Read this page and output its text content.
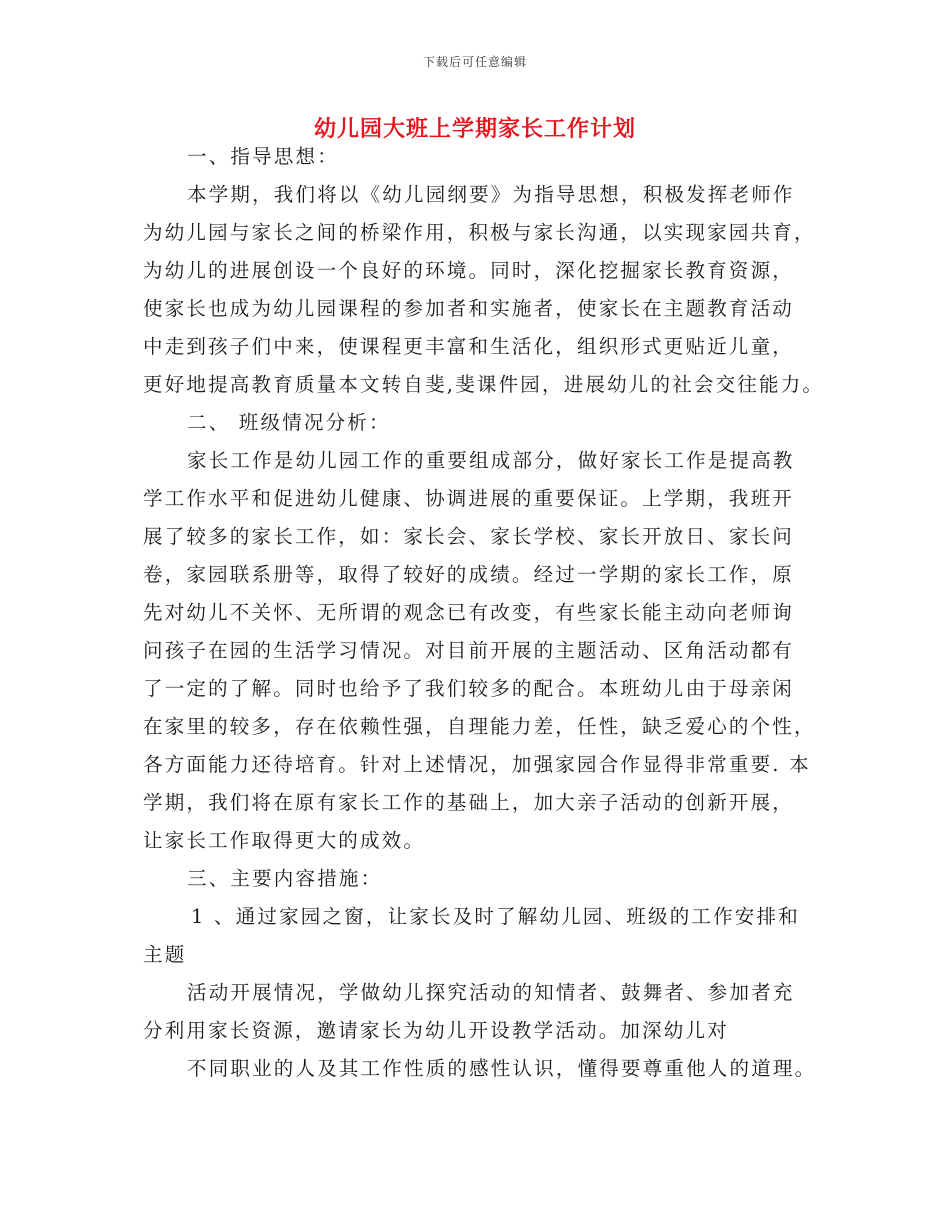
下载后可任意编辑
幼儿园大班上学期家长工作计划
一、指导思想：
本学期，我们将以《幼儿园纲要》为指导思想，积极发挥老师作
为幼儿园与家长之间的桥梁作用，积极与家长沟通，以实现家园共育，
为幼儿的进展创设一个良好的环境。同时，深化挖掘家长教育资源，
使家长也成为幼儿园课程的参加者和实施者，使家长在主题教育活动
中走到孩子们中来，使课程更丰富和生活化，组织形式更贴近儿童，
更好地提高教育质量本文转自斐,斐课件园，进展幼儿的社会交往能力。
二、 班级情况分析：
家长工作是幼儿园工作的重要组成部分，做好家长工作是提高教
学工作水平和促进幼儿健康、协调进展的重要保证。上学期，我班开
展了较多的家长工作，如：家长会、家长学校、家长开放日、家长问
卷，家园联系册等，取得了较好的成绩。经过一学期的家长工作，原
先对幼儿不关怀、无所谓的观念已有改变，有些家长能主动向老师询
问孩子在园的生活学习情况。对目前开展的主题活动、区角活动都有
了一定的了解。同时也给予了我们较多的配合。本班幼儿由于母亲闲
在家里的较多，存在依赖性强，自理能力差，任性，缺乏爱心的个性，
各方面能力还待培育。针对上述情况，加强家园合作显得非常重要. 本
学期，我们将在原有家长工作的基础上，加大亲子活动的创新开展，
让家长工作取得更大的成效。
三、主要内容措施：
1 、通过家园之窗，让家长及时了解幼儿园、班级的工作安排和
主题
活动开展情况，学做幼儿探究活动的知情者、鼓舞者、参加者充
分利用家长资源，邀请家长为幼儿开设教学活动。加深幼儿对
不同职业的人及其工作性质的感性认识，懂得要尊重他人的道理。
